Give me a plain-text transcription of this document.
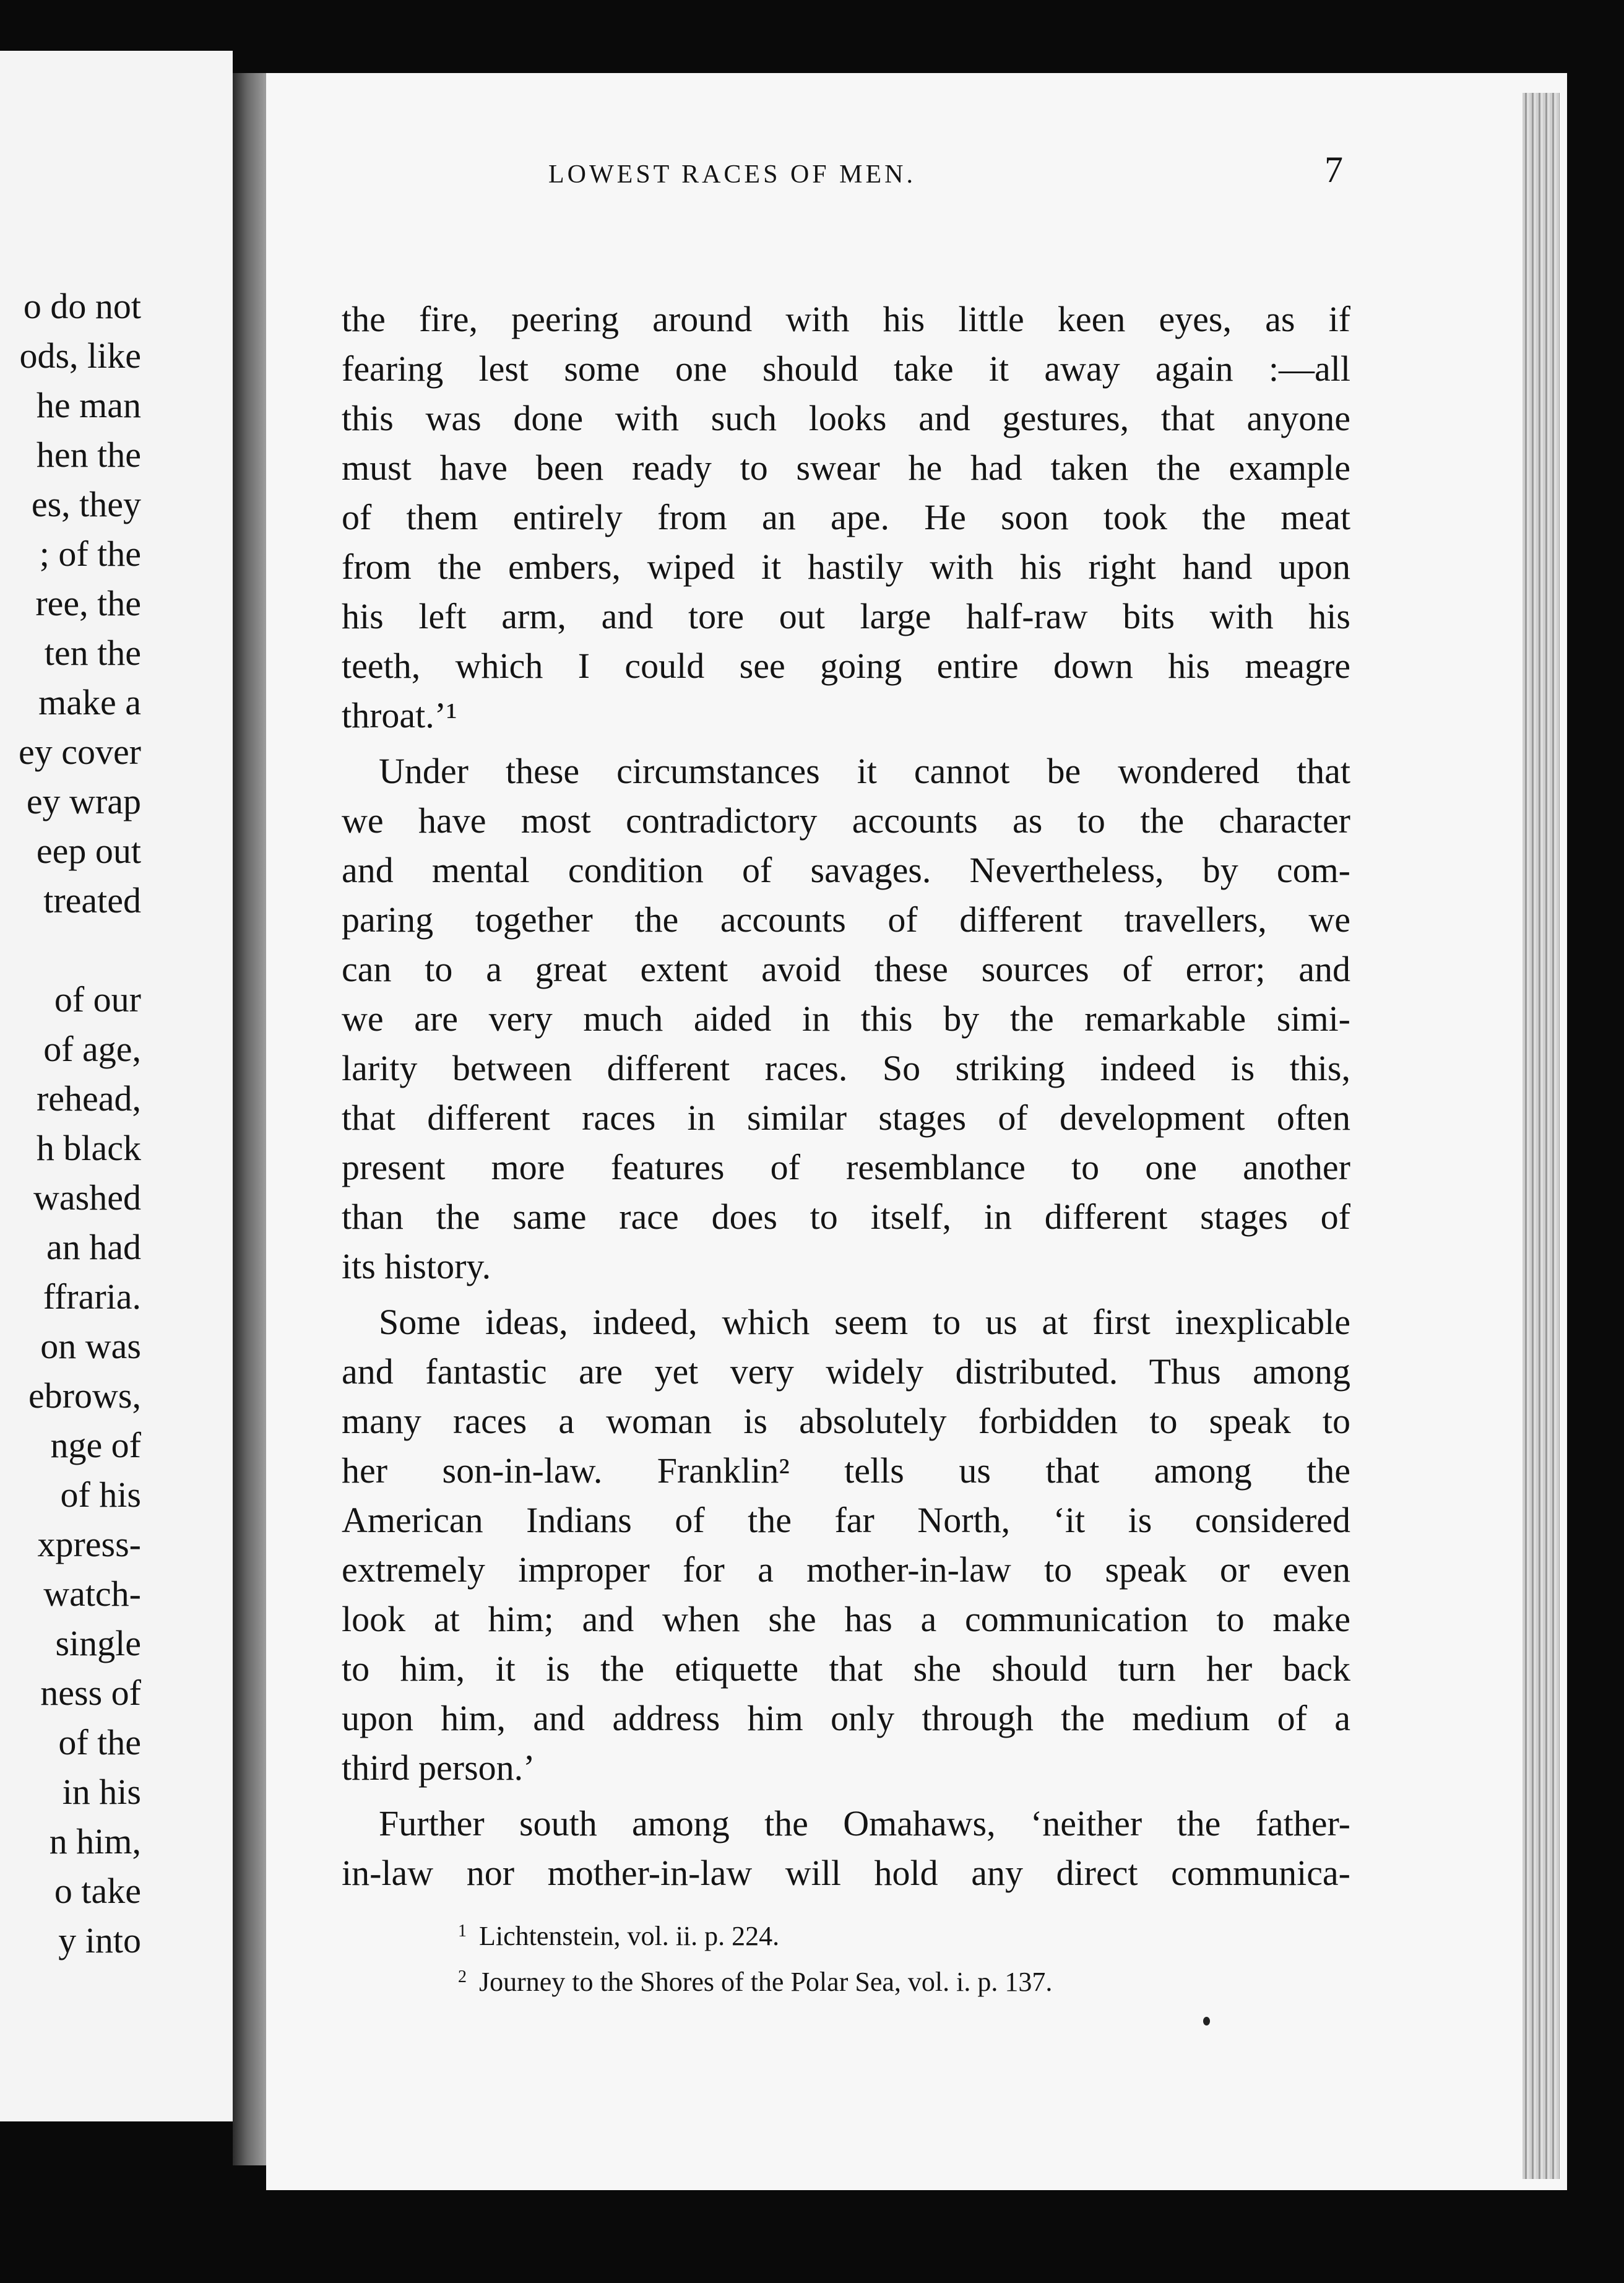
o do not
ods, like
he man
hen the
es, they
; of the
ree, the
ten the
make a
ey cover
ey wrap
eep out
treated
of our
of age,
rehead,
h black
washed
an had
ffraria.
on was
ebrows,
nge of
of his
xpress-
watch-
single
ness of
of the
in his
n him,
o take
y into
LOWEST RACES OF MEN.	7
the fire, peering around with his little keen eyes, as if
fearing lest some one should take it away again :—all
this was done with such looks and gestures, that anyone
must have been ready to swear he had taken the example
of them entirely from an ape. He soon took the meat
from the embers, wiped it hastily with his right hand upon
his left arm, and tore out large half-raw bits with his
teeth, which I could see going entire down his meagre
throat.’¹
Under these circumstances it cannot be wondered that
we have most contradictory accounts as to the character
and mental condition of savages. Nevertheless, by com-
paring together the accounts of different travellers, we
can to a great extent avoid these sources of error; and
we are very much aided in this by the remarkable simi-
larity between different races. So striking indeed is this,
that different races in similar stages of development often
present more features of resemblance to one another
than the same race does to itself, in different stages of
its history.
Some ideas, indeed, which seem to us at first inexplicable
and fantastic are yet very widely distributed. Thus among
many races a woman is absolutely forbidden to speak to
her son-in-law. Franklin² tells us that among the
American Indians of the far North, ‘it is considered
extremely improper for a mother-in-law to speak or even
look at him; and when she has a communication to make
to him, it is the etiquette that she should turn her back
upon him, and address him only through the medium of a
third person.’
Further south among the Omahaws, ‘neither the father-
in-law nor mother-in-law will hold any direct communica-
$^1$ Lichtenstein, vol. ii. p. 224.
$^2$ Journey to the Shores of the Polar Sea, vol. i. p. 137.
